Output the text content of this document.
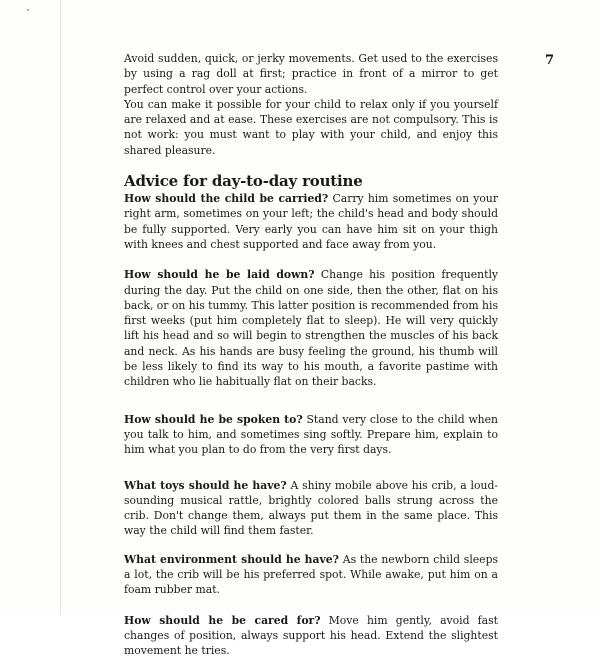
7

Avoid sudden, quick, or jerky movements. Get used to the exercises by using a rag doll at first; practice in front of a mirror to get perfect control over your actions.

You can make it possible for your child to relax only if you yourself are relaxed and at ease. These exercises are not compulsory. This is not work: you must want to play with your child, and enjoy this shared pleasure.

Advice for day-to-day routine

How should the child be carried? Carry him sometimes on your right arm, sometimes on your left; the child's head and body should be fully supported. Very early you can have him sit on your thigh with knees and chest supported and face away from you.

How should he be laid down? Change his position frequently during the day. Put the child on one side, then the other, flat on his back, or on his tummy. This latter position is recommended from his first weeks (put him completely flat to sleep). He will very quickly lift his head and so will begin to strengthen the muscles of his back and neck. As his hands are busy feeling the ground, his thumb will be less likely to find its way to his mouth, a favorite pastime with children who lie habitually flat on their backs.

How should he be spoken to? Stand very close to the child when you talk to him, and sometimes sing softly. Prepare him, explain to him what you plan to do from the very first days.

What toys should he have? A shiny mobile above his crib, a loud-sounding musical rattle, brightly colored balls strung across the crib. Don't change them, always put them in the same place. This way the child will find them faster.

What environment should he have? As the newborn child sleeps a lot, the crib will be his preferred spot. While awake, put him on a foam rubber mat.

How should he be cared for? Move him gently, avoid fast changes of position, always support his head. Extend the slightest movement he tries.
